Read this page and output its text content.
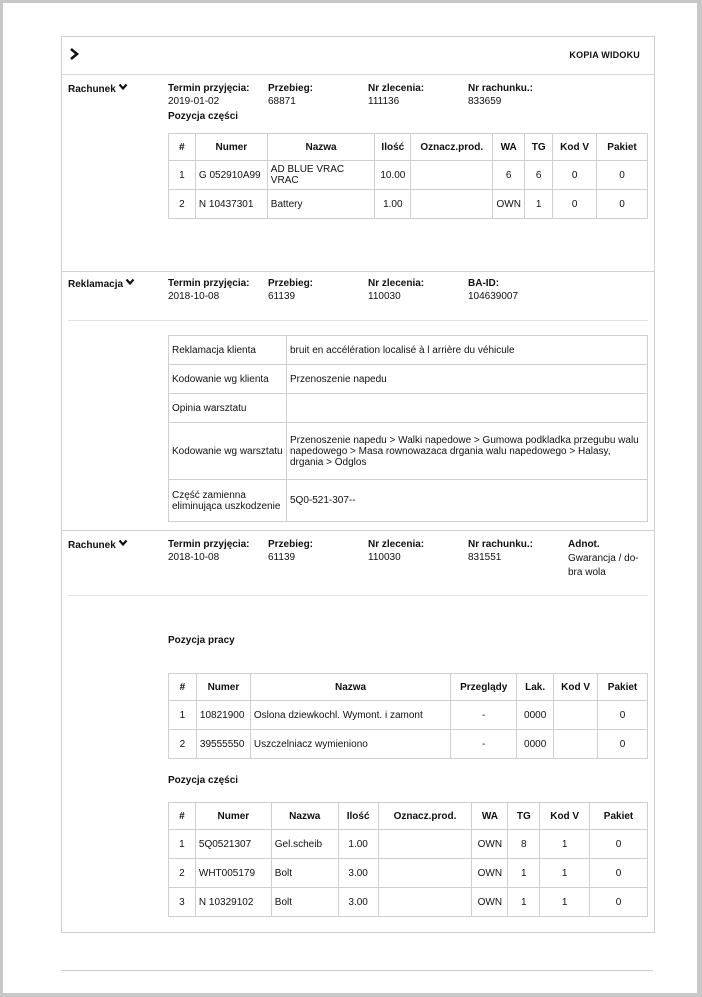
KOPIA WIDOKU
Rachunek	Termin przyjęcia:
2019-01-02
Przebieg:
68871
Nr zlecenia:
111136
Nr rachunku.:
833659
Pozycja części
#	Numer	Nazwa	Ilość	Oznacz.prod.	WA	TG	Kod V	Pakiet
1	G 052910A99	AD BLUE VRAC VRAC	10.00		6	6	0	0
2	N 10437301	Battery	1.00		OWN	1	0	0
Reklamacja	Termin przyjęcia:
2018-10-08
Przebieg:
61139
Nr zlecenia:
110030
BA-ID:
104639007
Reklamacja klienta	bruit en accélération localisé à l arrière du véhicule
Kodowanie wg klienta	Przenoszenie napedu
Opinia warsztatu	
Kodowanie wg warsztatu	Przenoszenie napedu > Walki napedowe > Gumowa podkladka przegubu walu napedowego > Masa rownowazaca drgania walu napedowego > Halasy, drgania > Odglos
Część zamienna eliminująca uszkodzenie	5Q0-521-307--
Rachunek	Termin przyjęcia:
2018-10-08
Przebieg:
61139
Nr zlecenia:
110030
Nr rachunku.:
831551
Adnot.
Gwarancja / do-bra wola
Pozycja pracy
#	Numer	Nazwa	Przeglądy	Lak.	Kod V	Pakiet
1	10821900	Oslona dziewkochl. Wymont. i zamont	-	0000		0
2	39555550	Uszczelniacz wymieniono	-	0000		0
Pozycja części
#	Numer	Nazwa	Ilość	Oznacz.prod.	WA	TG	Kod V	Pakiet
1	5Q0521307	Gel.scheib	1.00		OWN	8	1	0
2	WHT005179	Bolt	3.00		OWN	1	1	0
3	N 10329102	Bolt	3.00		OWN	1	1	0
